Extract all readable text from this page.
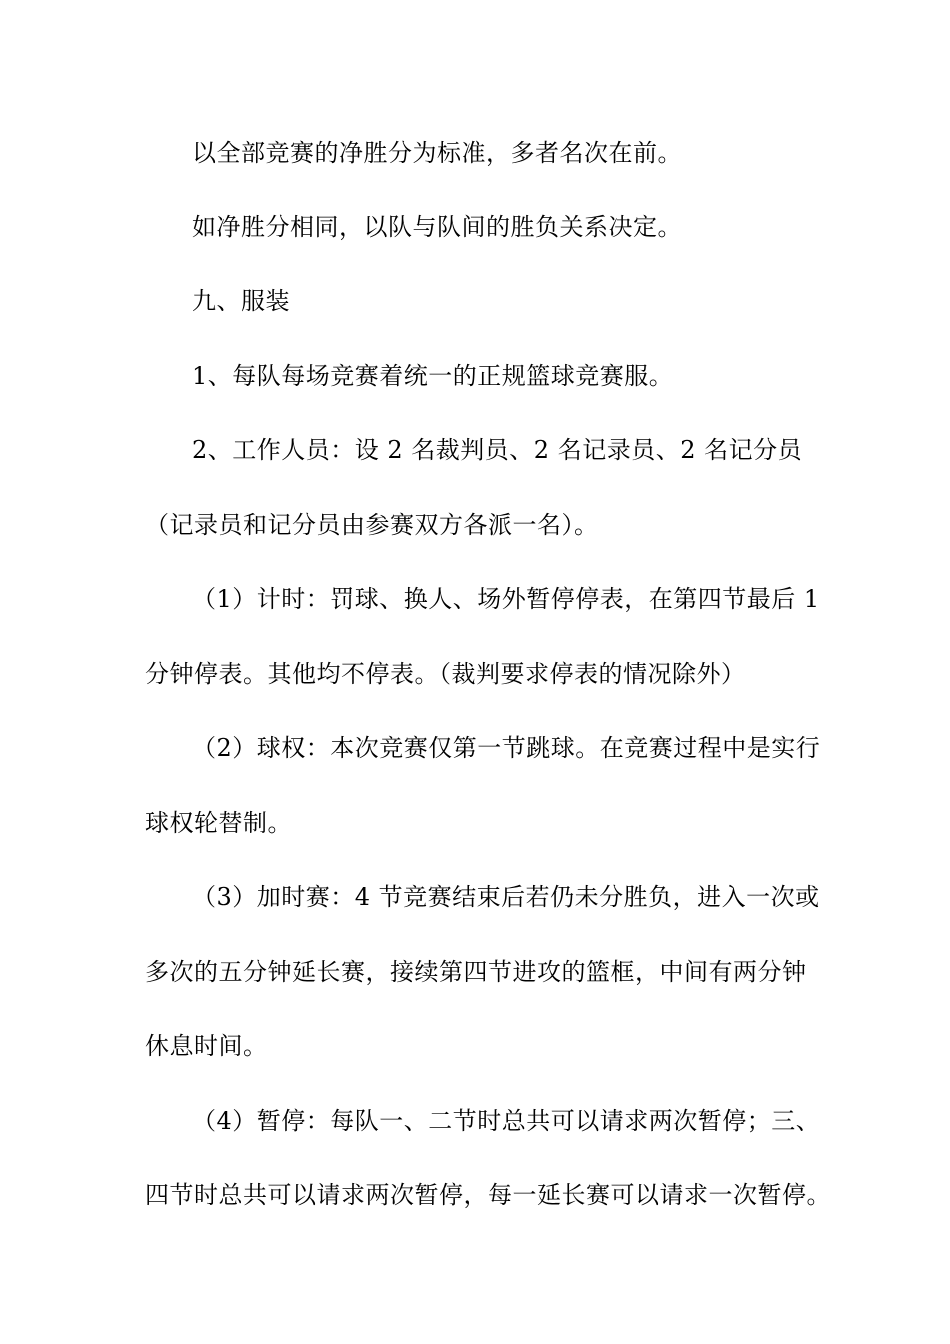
以全部竞赛的净胜分为标准，多者名次在前。
如净胜分相同，以队与队间的胜负关系决定。
九、服装
1、每队每场竞赛着统一的正规篮球竞赛服。
2、工作人员：设 2 名裁判员、2 名记录员、2 名记分员
（记录员和记分员由参赛双方各派一名）。
（1）计时：罚球、换人、场外暂停停表，在第四节最后 1
分钟停表。其他均不停表。（裁判要求停表的情况除外）
（2）球权：本次竞赛仅第一节跳球。在竞赛过程中是实行
球权轮替制。
（3）加时赛：4 节竞赛结束后若仍未分胜负，进入一次或
多次的五分钟延长赛，接续第四节进攻的篮框，中间有两分钟
休息时间。
（4）暂停：每队一、二节时总共可以请求两次暂停；三、
四节时总共可以请求两次暂停，每一延长赛可以请求一次暂停。
